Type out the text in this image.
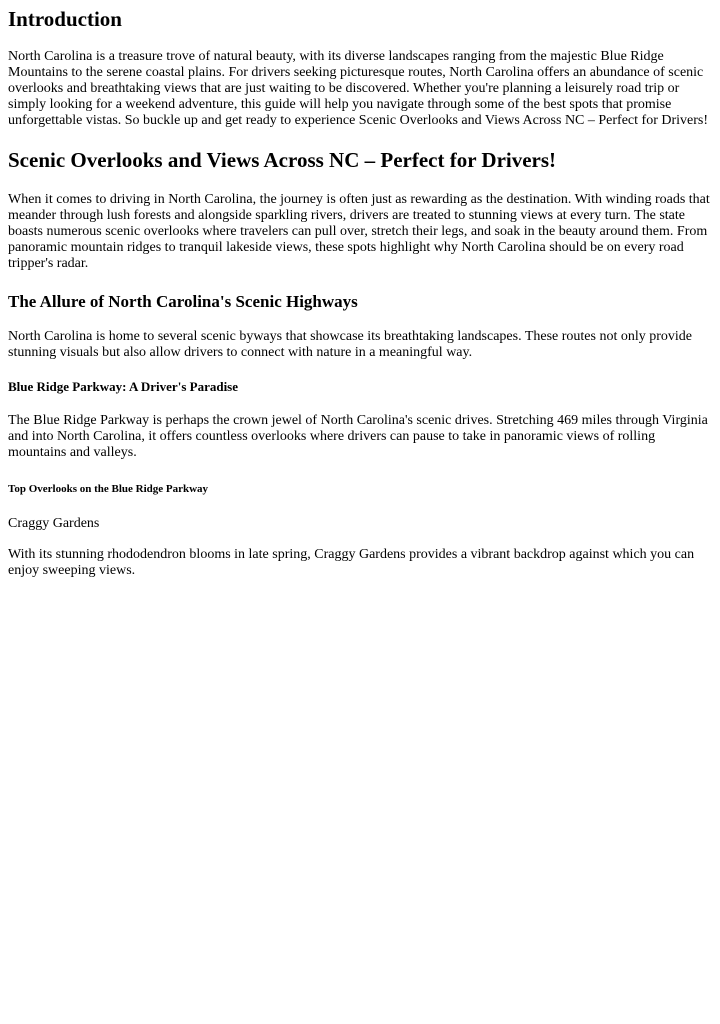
Introduction

North Carolina is a treasure trove of natural beauty, with its diverse landscapes ranging from the majestic Blue Ridge Mountains to the serene coastal plains. For drivers seeking picturesque routes, North Carolina offers an abundance of scenic overlooks and breathtaking views that are just waiting to be discovered. Whether you're planning a leisurely road trip or simply looking for a weekend adventure, this guide will help you navigate through some of the best spots that promise unforgettable vistas. So buckle up and get ready to experience Scenic Overlooks and Views Across NC – Perfect for Drivers!

Scenic Overlooks and Views Across NC – Perfect for Drivers!

When it comes to driving in North Carolina, the journey is often just as rewarding as the destination. With winding roads that meander through lush forests and alongside sparkling rivers, drivers are treated to stunning views at every turn. The state boasts numerous scenic overlooks where travelers can pull over, stretch their legs, and soak in the beauty around them. From panoramic mountain ridges to tranquil lakeside views, these spots highlight why North Carolina should be on every road tripper's radar.

The Allure of North Carolina's Scenic Highways

North Carolina is home to several scenic byways that showcase its breathtaking landscapes. These routes not only provide stunning visuals but also allow drivers to connect with nature in a meaningful way.

Blue Ridge Parkway: A Driver's Paradise

The Blue Ridge Parkway is perhaps the crown jewel of North Carolina's scenic drives. Stretching 469 miles through Virginia and into North Carolina, it offers countless overlooks where drivers can pause to take in panoramic views of rolling mountains and valleys.

Top Overlooks on the Blue Ridge Parkway
Craggy Gardens

With its stunning rhododendron blooms in late spring, Craggy Gardens provides a vibrant backdrop against which you can enjoy sweeping views.
